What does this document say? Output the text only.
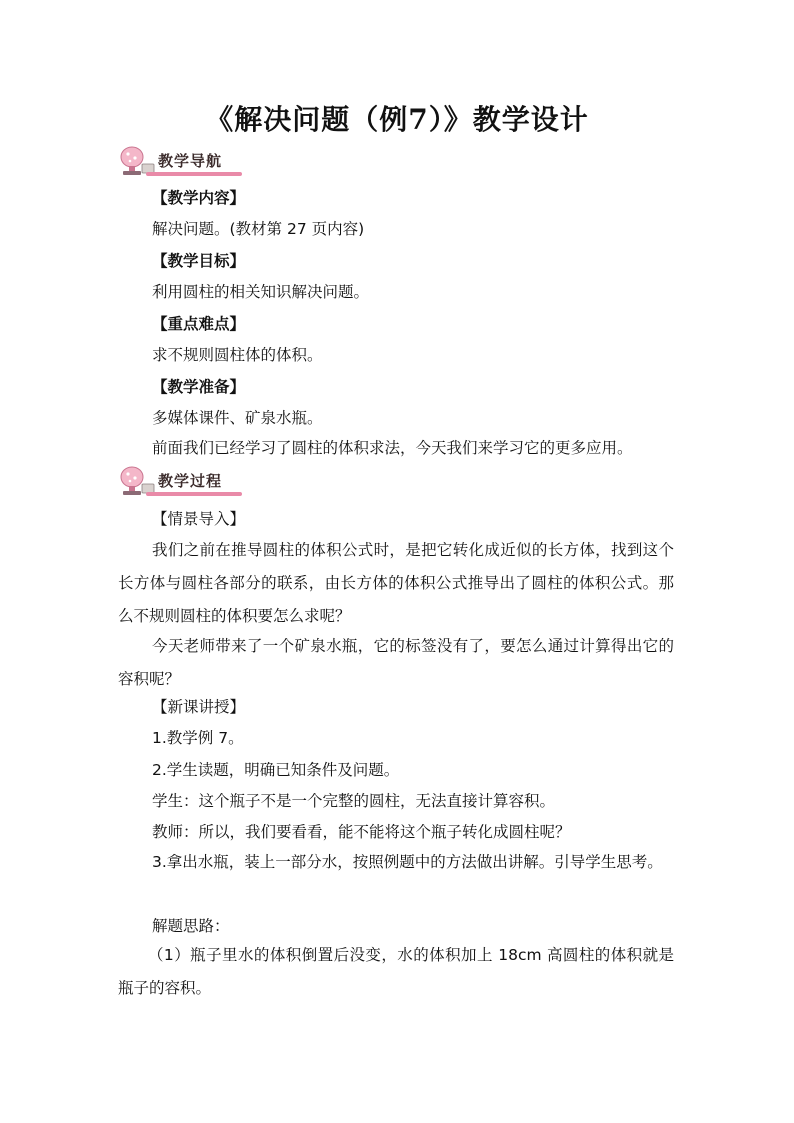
《解决问题（例7）》教学设计
教学导航
【教学内容】
解决问题。(教材第 27 页内容)
【教学目标】
利用圆柱的相关知识解决问题。
【重点难点】
求不规则圆柱体的体积。
【教学准备】
多媒体课件、矿泉水瓶。
前面我们已经学习了圆柱的体积求法，今天我们来学习它的更多应用。
教学过程
【情景导入】
我们之前在推导圆柱的体积公式时，是把它转化成近似的长方体，找到这个长方体与圆柱各部分的联系，由长方体的体积公式推导出了圆柱的体积公式。那么不规则圆柱的体积要怎么求呢？
今天老师带来了一个矿泉水瓶，它的标签没有了，要怎么通过计算得出它的容积呢？
【新课讲授】
1.教学例 7。
2.学生读题，明确已知条件及问题。
学生：这个瓶子不是一个完整的圆柱，无法直接计算容积。
教师：所以，我们要看看，能不能将这个瓶子转化成圆柱呢？
3.拿出水瓶，装上一部分水，按照例题中的方法做出讲解。引导学生思考。
解题思路：
（1）瓶子里水的体积倒置后没变，水的体积加上 18cm 高圆柱的体积就是瓶子的容积。
